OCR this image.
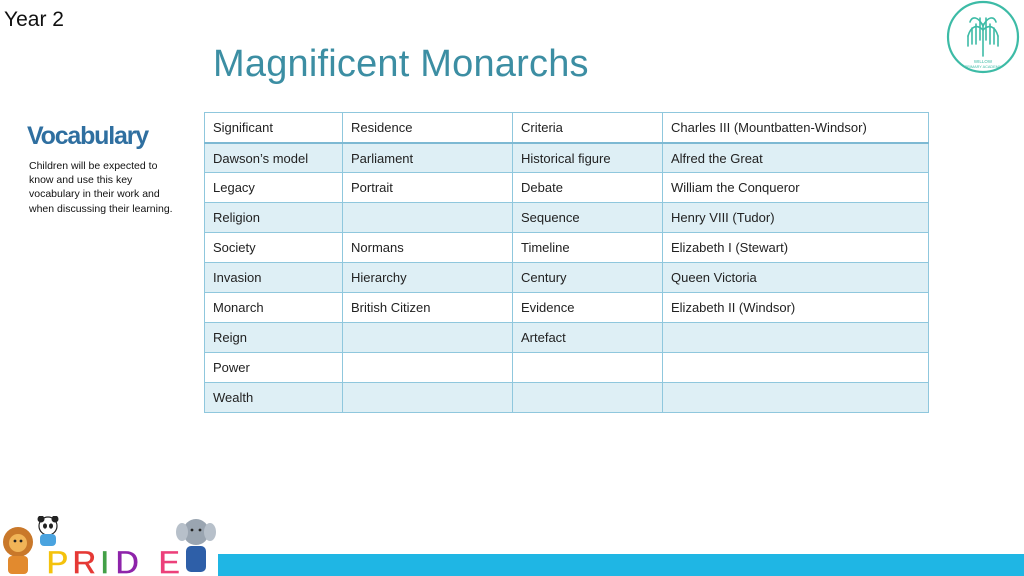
Year 2
Magnificent Monarchs	WILLOW
PRIMARY ACADEMY
Vocabulary
Children will be expected to know and use this key vocabulary in their work and when discussing their learning.
Significant	Residence	Criteria	Charles III (Mountbatten-Windsor)
Dawson’s model	Parliament	Historical figure	Alfred the Great
Legacy	Portrait	Debate	William the Conqueror
Religion		Sequence	Henry VIII (Tudor)
Society	Normans	Timeline	Elizabeth I (Stewart)
Invasion	Hierarchy	Century	Queen Victoria
Monarch	British Citizen	Evidence	Elizabeth II (Windsor)
Reign		Artefact	
Power			
Wealth			
P R I D E
